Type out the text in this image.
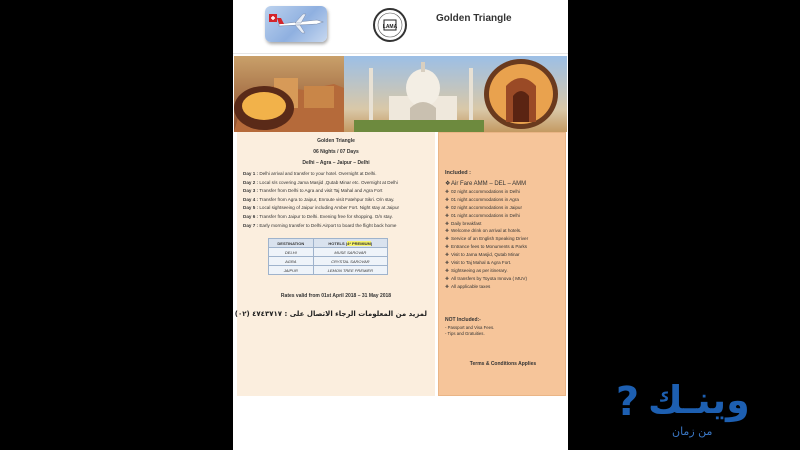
LAMA
Golden Triangle
Golden Triangle
06 Nights / 07 Days
Delhi – Agra – Jaipur – Delhi
Day 1 : Delhi arrival and transfer to your hotel. Overnight at Delhi.
Day 2 : Local s/s covering Jama Masjid ,Qutab Minar etc. Overnight at Delhi
Day 3 : Transfer from Delhi to Agra and visit Taj Mahal and Agra Fort
Day 4 : Transfer from Agra to Jaipur, Enroute visit Fatehpur Sikri. O/n stay.
Day 5 : Local sightseeing of Jaipur including Amber Fort. Night stay at Jaipur
Day 6 : Transfer from Jaipur to Delhi. Evening free for shopping. O/n stay.
Day 7 : Early morning transfer to Delhi Airport to board the flight back home
DESTINATION	HOTELS (4* PREMIUM)
DELHI	MUSE SAROVAR
AGRA	CRYSTAL SAROVAR
JAIPUR	LEMON TREE PREMIER
Rates valid from 01st April 2018 – 31 May 2018
لمزيد من المعلومات الرجاء الاتصال على : ٤٧٤٣٧١٧ (٠٢)
Included :
❖Air Fare AMM – DEL – AMM
❖ 02 night accommodations in Delhi
❖ 01 night accommodations in Agra
❖ 02 night accommodations in Jaipur
❖ 01 night accommodations in Delhi
❖ Daily breakfast
❖ Welcome drink on arrival at hotels.
❖ Service of an English Speaking Driver
❖ Entrance fees to Monuments & Parks
❖ Visit to Jama Masjid, Qutab Minar
❖ Visit to Taj Mahal & Agra Fort.
❖ Sightseeing as per itinerary.
❖ All transfers by Toyota Innova ( MUV)
❖ All applicable taxes
NOT Included:-
- Passport and Visa Fees.
- Tips and Gratuities.
Terms & Conditions Applies
؟ وينـك
من زمان
